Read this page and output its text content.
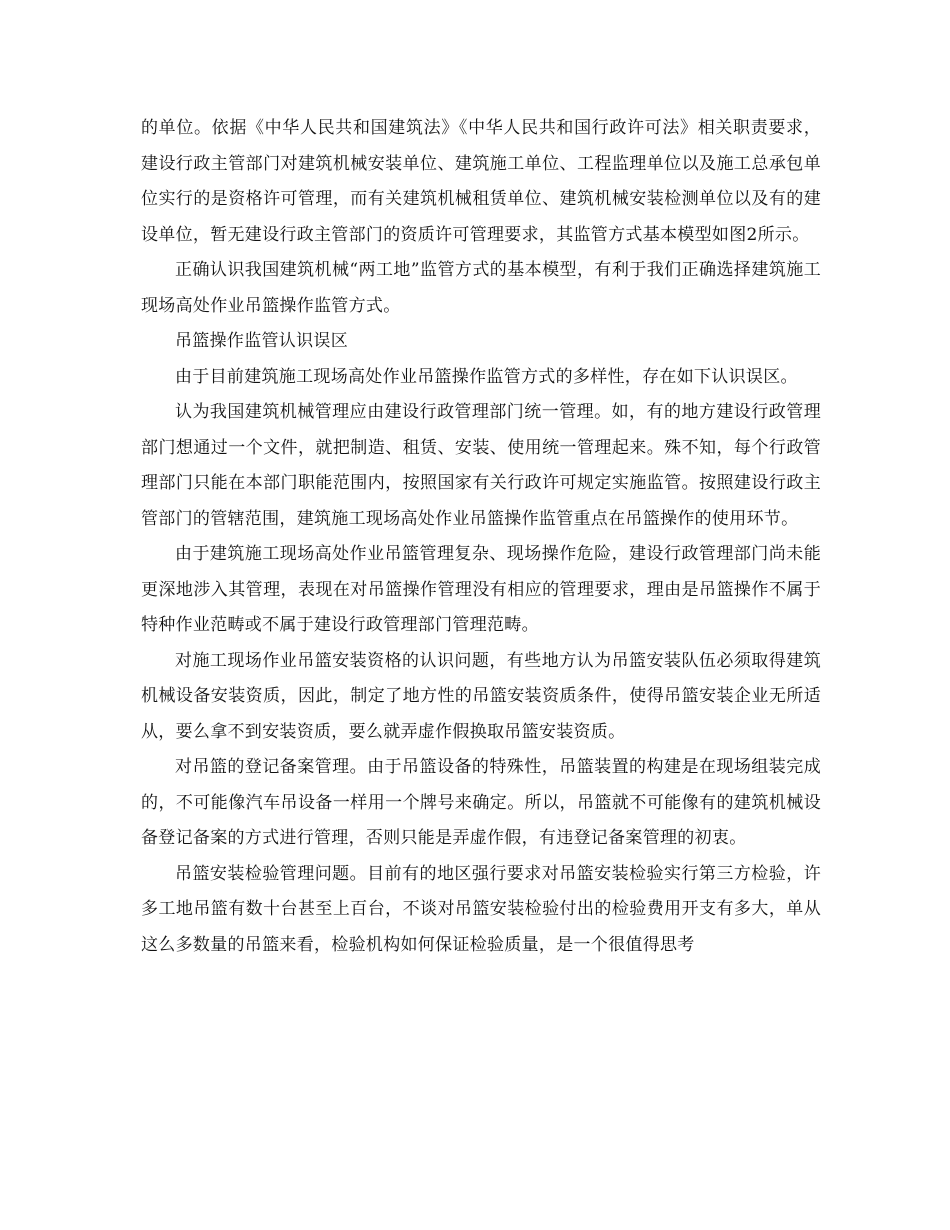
的单位。依据《中华人民共和国建筑法》《中华人民共和国行政许可法》相关职责要求，建设行政主管部门对建筑机械安装单位、建筑施工单位、工程监理单位以及施工总承包单位实行的是资格许可管理，而有关建筑机械租赁单位、建筑机械安装检测单位以及有的建设单位，暂无建设行政主管部门的资质许可管理要求，其监管方式基本模型如图2所示。

正确认识我国建筑机械“两工地”监管方式的基本模型，有利于我们正确选择建筑施工现场高处作业吊篮操作监管方式。

吊篮操作监管认识误区

由于目前建筑施工现场高处作业吊篮操作监管方式的多样性，存在如下认识误区。

认为我国建筑机械管理应由建设行政管理部门统一管理。如，有的地方建设行政管理部门想通过一个文件，就把制造、租赁、安装、使用统一管理起来。殊不知，每个行政管理部门只能在本部门职能范围内，按照国家有关行政许可规定实施监管。按照建设行政主管部门的管辖范围，建筑施工现场高处作业吊篮操作监管重点在吊篮操作的使用环节。

由于建筑施工现场高处作业吊篮管理复杂、现场操作危险，建设行政管理部门尚未能更深地涉入其管理，表现在对吊篮操作管理没有相应的管理要求，理由是吊篮操作不属于特种作业范畴或不属于建设行政管理部门管理范畴。

对施工现场作业吊篮安装资格的认识问题，有些地方认为吊篮安装队伍必须取得建筑机械设备安装资质，因此，制定了地方性的吊篮安装资质条件，使得吊篮安装企业无所适从，要么拿不到安装资质，要么就弄虚作假换取吊篮安装资质。

对吊篮的登记备案管理。由于吊篮设备的特殊性，吊篮装置的构建是在现场组装完成的，不可能像汽车吊设备一样用一个牌号来确定。所以，吊篮就不可能像有的建筑机械设备登记备案的方式进行管理，否则只能是弄虚作假，有违登记备案管理的初衷。

吊篮安装检验管理问题。目前有的地区强行要求对吊篮安装检验实行第三方检验，许多工地吊篮有数十台甚至上百台，不谈对吊篮安装检验付出的检验费用开支有多大，单从这么多数量的吊篮来看，检验机构如何保证检验质量，是一个很值得思考
